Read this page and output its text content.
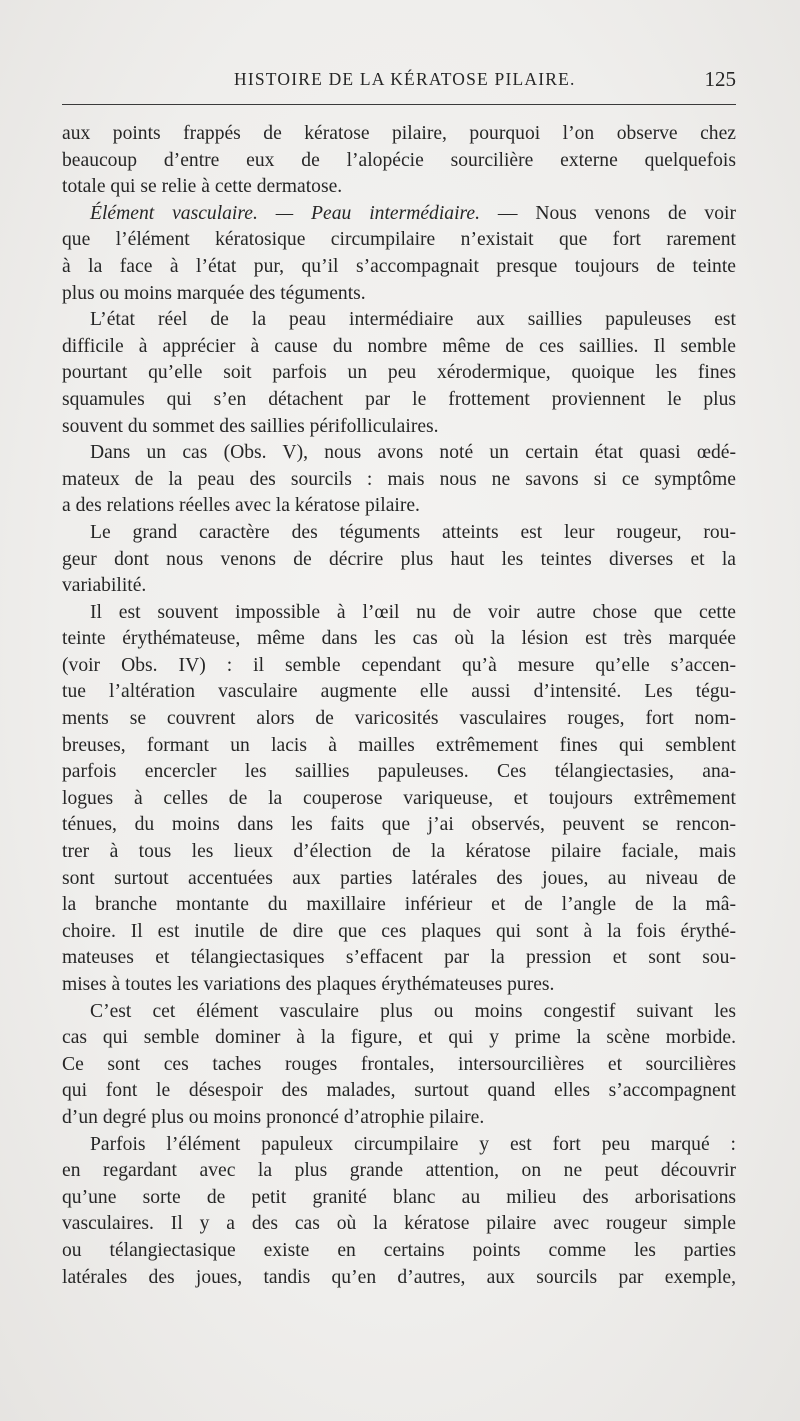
HISTOIRE DE LA KÉRATOSE PILAIRE.	125
aux points frappés de kératose pilaire, pourquoi l’on observe chez
beaucoup d’entre eux de l’alopécie sourcilière externe quelquefois
totale qui se relie à cette dermatose.
Élément vasculaire. — Peau intermédiaire. — Nous venons de voir
que l’élément kératosique circumpilaire n’existait que fort rarement
à la face à l’état pur, qu’il s’accompagnait presque toujours de teinte
plus ou moins marquée des téguments.
L’état réel de la peau intermédiaire aux saillies papuleuses est
difficile à apprécier à cause du nombre même de ces saillies. Il semble
pourtant qu’elle soit parfois un peu xérodermique, quoique les fines
squamules qui s’en détachent par le frottement proviennent le plus
souvent du sommet des saillies périfolliculaires.
Dans un cas (Obs. V), nous avons noté un certain état quasi œdé-
mateux de la peau des sourcils : mais nous ne savons si ce symptôme
a des relations réelles avec la kératose pilaire.
Le grand caractère des téguments atteints est leur rougeur, rou-
geur dont nous venons de décrire plus haut les teintes diverses et la
variabilité.
Il est souvent impossible à l’œil nu de voir autre chose que cette
teinte érythémateuse, même dans les cas où la lésion est très marquée
(voir Obs. IV) : il semble cependant qu’à mesure qu’elle s’accen-
tue l’altération vasculaire augmente elle aussi d’intensité. Les tégu-
ments se couvrent alors de varicosités vasculaires rouges, fort nom-
breuses, formant un lacis à mailles extrêmement fines qui semblent
parfois encercler les saillies papuleuses. Ces télangiectasies, ana-
logues à celles de la couperose variqueuse, et toujours extrêmement
ténues, du moins dans les faits que j’ai observés, peuvent se rencon-
trer à tous les lieux d’élection de la kératose pilaire faciale, mais
sont surtout accentuées aux parties latérales des joues, au niveau de
la branche montante du maxillaire inférieur et de l’angle de la mâ-
choire. Il est inutile de dire que ces plaques qui sont à la fois érythé-
mateuses et télangiectasiques s’effacent par la pression et sont sou-
mises à toutes les variations des plaques érythémateuses pures.
C’est cet élément vasculaire plus ou moins congestif suivant les
cas qui semble dominer à la figure, et qui y prime la scène morbide.
Ce sont ces taches rouges frontales, intersourcilières et sourcilières
qui font le désespoir des malades, surtout quand elles s’accompagnent
d’un degré plus ou moins prononcé d’atrophie pilaire.
Parfois l’élément papuleux circumpilaire y est fort peu marqué :
en regardant avec la plus grande attention, on ne peut découvrir
qu’une sorte de petit granité blanc au milieu des arborisations
vasculaires. Il y a des cas où la kératose pilaire avec rougeur simple
ou télangiectasique existe en certains points comme les parties
latérales des joues, tandis qu’en d’autres, aux sourcils par exemple,
